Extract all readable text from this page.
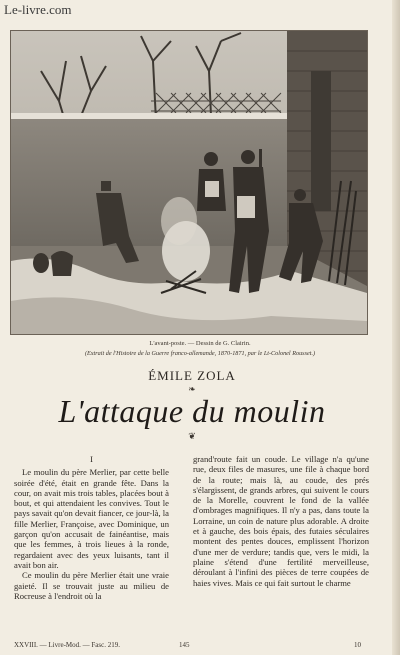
Le-livre.com
L'avant-poste. — Dessin de G. Clairin.
(Extrait de l'Histoire de la Guerre franco-allemande, 1870-1871, par le Lt-Colonel Rousset.)
ÉMILE ZOLA
❧
L'attaque du moulin
❦

I

Le moulin du père Merlier, par cette belle soirée d'été, était en grande fête. Dans la cour, on avait mis trois tables, placées bout à bout, et qui attendaient les convives. Tout le pays savait qu'on devait fiancer, ce jour-là, la fille Merlier, Françoise, avec Dominique, un garçon qu'on accusait de fainéantise, mais que les femmes, à trois lieues à la ronde, regardaient avec des yeux luisants, tant il avait bon air.

Ce moulin du père Merlier était une vraie gaieté. Il se trouvait juste au milieu de Rocreuse à l'endroit où la

grand'route fait un coude. Le village n'a qu'une rue, deux files de masures, une file à chaque bord de la route; mais là, au coude, des prés s'élargissent, de grands arbres, qui suivent le cours de la Morelle, couvrent le fond de la vallée d'ombrages magnifiques. Il n'y a pas, dans toute la Lorraine, un coin de nature plus adorable. A droite et à gauche, des bois épais, des futaies séculaires montent des pentes douces, emplissent l'horizon d'une mer de verdure; tandis que, vers le midi, la plaine s'étend d'une fertilité merveilleuse, déroulant à l'infini des pièces de terre coupées de haies vives. Mais ce qui fait surtout le charme

XXVIII. — Livre-Mod. — Fasc. 219.	145	10
